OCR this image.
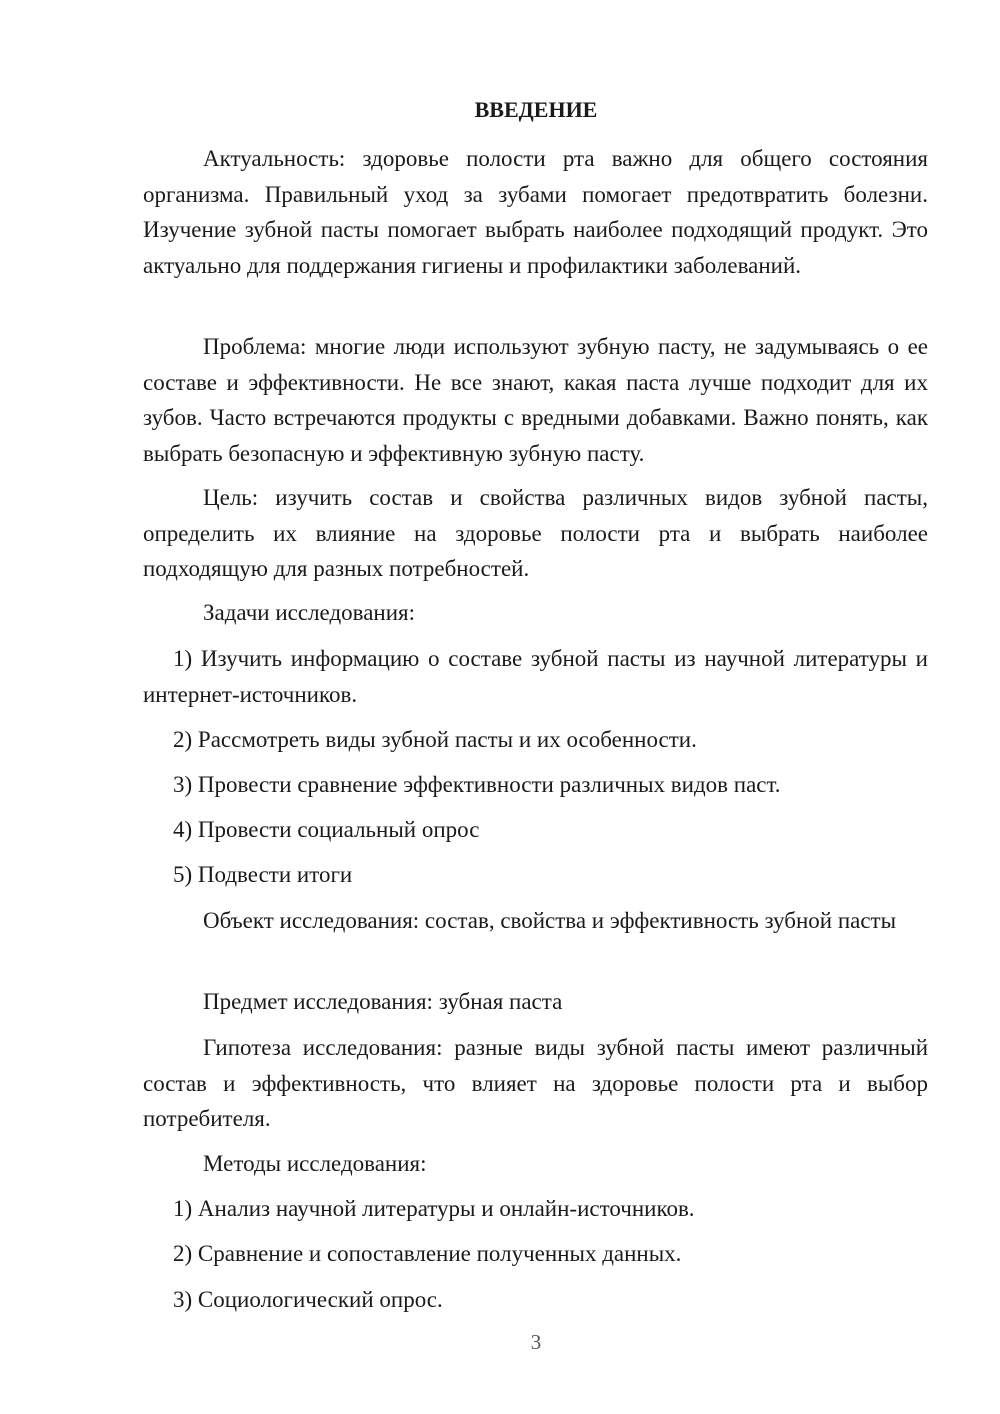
ВВЕДЕНИЕ

Актуальность: здоровье полости рта важно для общего состояния организма. Правильный уход за зубами помогает предотвратить болезни. Изучение зубной пасты помогает выбрать наиболее подходящий продукт. Это актуально для поддержания гигиены и профилактики заболеваний.

Проблема: многие люди используют зубную пасту, не задумываясь о ее составе и эффективности. Не все знают, какая паста лучше подходит для их зубов. Часто встречаются продукты с вредными добавками. Важно понять, как выбрать безопасную и эффективную зубную пасту.

Цель: изучить состав и свойства различных видов зубной пасты, определить их влияние на здоровье полости рта и выбрать наиболее подходящую для разных потребностей.

Задачи исследования:

1) Изучить информацию о составе зубной пасты из научной литературы и интернет-источников.

2) Рассмотреть виды зубной пасты и их особенности.

3) Провести сравнение эффективности различных видов паст.

4) Провести социальный опрос

5) Подвести итоги

Объект исследования: состав, свойства и эффективность зубной пасты

Предмет исследования: зубная паста

Гипотеза исследования: разные виды зубной пасты имеют различный состав и эффективность, что влияет на здоровье полости рта и выбор потребителя.

Методы исследования:

1) Анализ научной литературы и онлайн-источников.

2) Сравнение и сопоставление полученных данных.

3) Социологический опрос.

3
